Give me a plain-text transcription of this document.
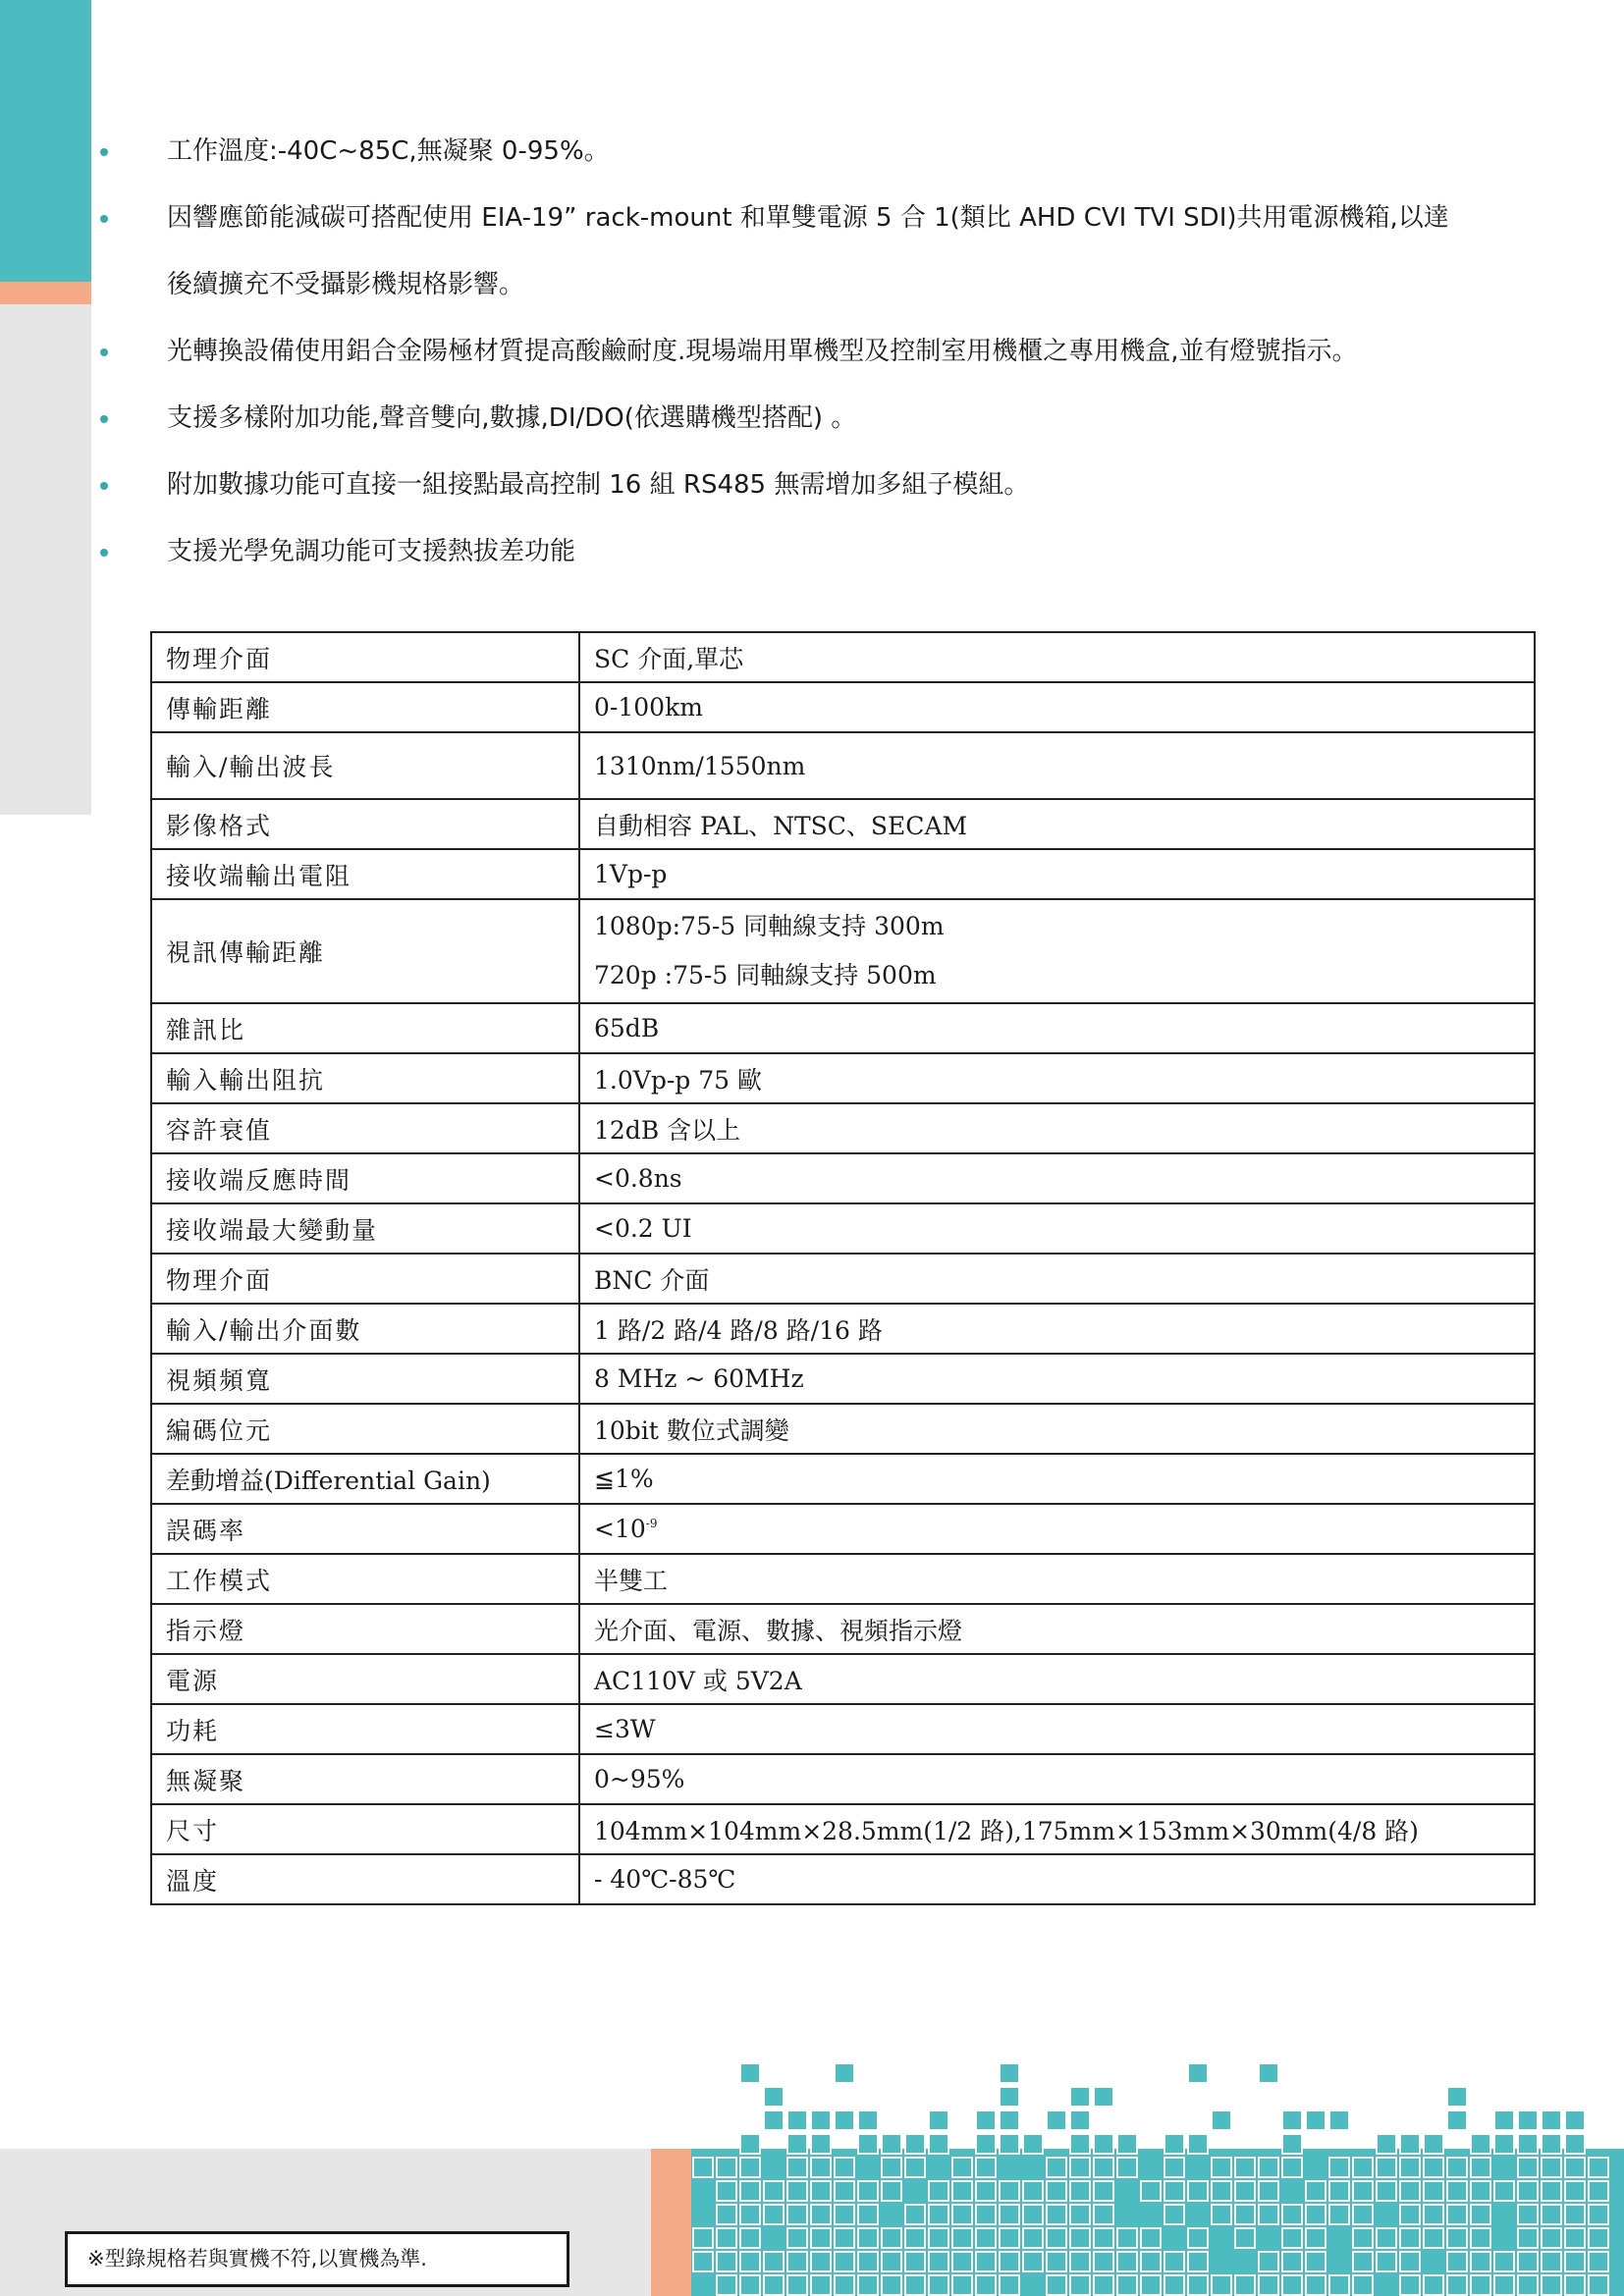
工作溫度:-40C~85C,無凝聚 0-95%。
因響應節能減碳可搭配使用 EIA-19” rack-mount 和單雙電源 5 合 1(類比 AHD CVI TVI SDI)共用電源機箱,以達
後續擴充不受攝影機規格影響。
光轉換設備使用鋁合金陽極材質提高酸鹼耐度.現場端用單機型及控制室用機櫃之專用機盒,並有燈號指示。
支援多樣附加功能,聲音雙向,數據,DI/DO(依選購機型搭配) 。
附加數據功能可直接一組接點最高控制 16 組 RS485 無需增加多組子模組。
支援光學免調功能可支援熱拔差功能
物理介面	SC 介面,單芯
傳輸距離	0-100km
輸入/輸出波長	1310nm/1550nm
影像格式	自動相容 PAL、NTSC、SECAM
接收端輸出電阻	1Vp-p
視訊傳輸距離	1080p:75-5 同軸線支持 300m
720p :75-5 同軸線支持 500m

雜訊比	65dB
輸入輸出阻抗	1.0Vp-p 75 歐
容許衰值	12dB 含以上
接收端反應時間	<0.8ns
接收端最大變動量	<0.2 UI
物理介面	BNC 介面
輸入/輸出介面數	1 路/2 路/4 路/8 路/16 路
視頻頻寬	8 MHz ~ 60MHz
編碼位元	10bit 數位式調變
差動增益(Differential Gain)	≦1%
誤碼率	$<10^{-9}$
工作模式	半雙工
指示燈	光介面、電源、數據、視頻指示燈
電源	AC110V 或 5V2A
功耗	≤3W
無凝聚	0~95%
尺寸	104mm×104mm×28.5mm(1/2 路),175mm×153mm×30mm(4/8 路)
溫度	- 40℃-85℃
※型錄規格若與實機不符,以實機為準.
